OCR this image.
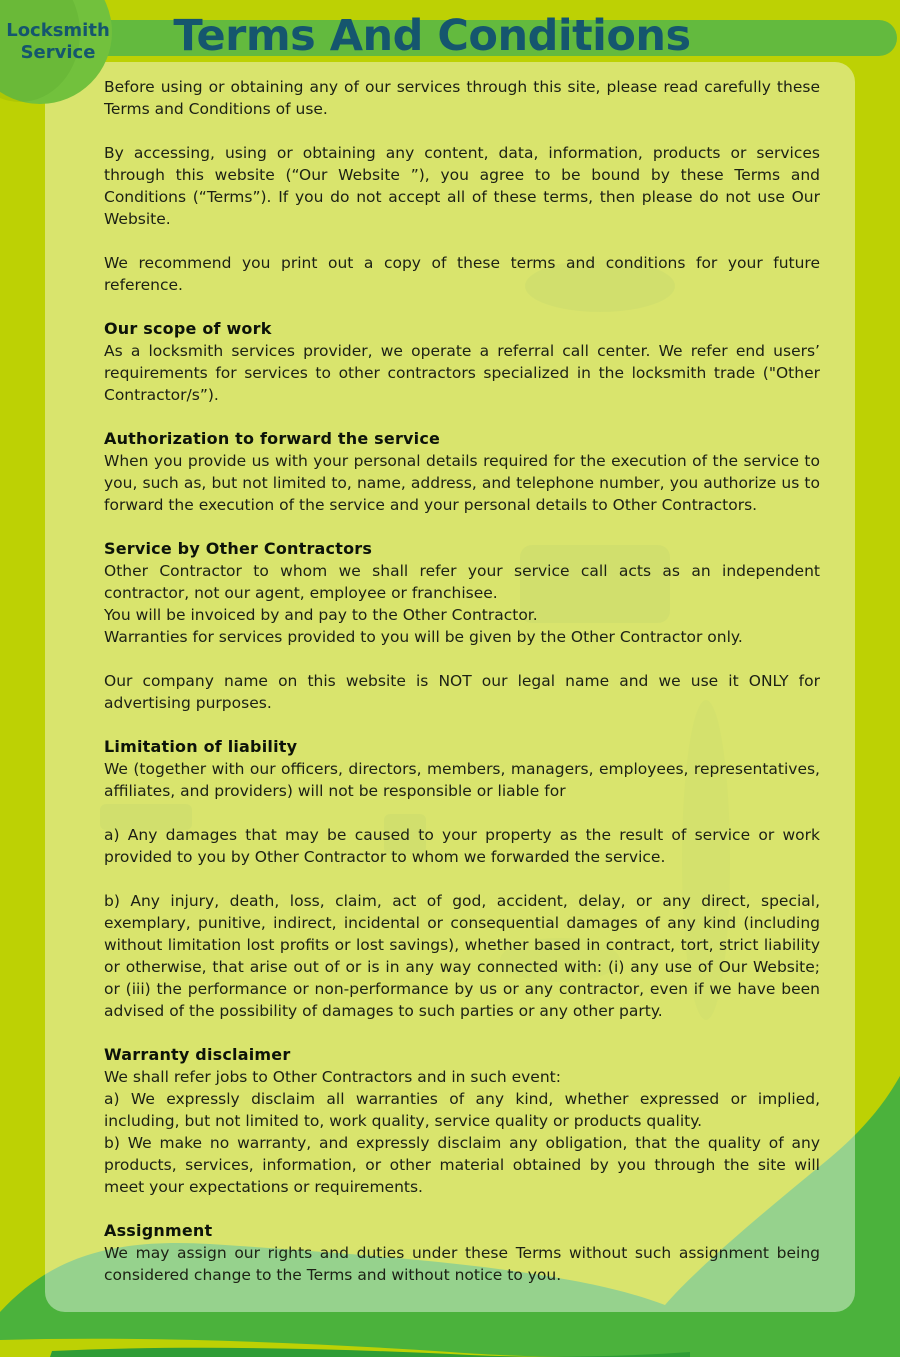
Before using or obtaining any of our services through this site, please read carefully these Terms and Conditions of use.

By accessing, using or obtaining any content, data, information, products or services through this website (“Our Website ”), you agree to be bound by these Terms and Conditions (“Terms”). If you do not accept all of these terms, then please do not use Our Website.

We recommend you print out a copy of these terms and conditions for your future reference.

Our scope of work

As a locksmith services provider, we operate a referral call center. We refer end users’ requirements for services to other contractors specialized in the locksmith trade ("Other Contractor/s”).

Authorization to forward the service

When you provide us with your personal details required for the execution of the service to you, such as, but not limited to, name, address, and telephone number, you authorize us to forward the execution of the service and your personal details to Other Contractors.

Service by Other Contractors

Other Contractor to whom we shall refer your service call acts as an independent contractor, not our agent, employee or franchisee.

You will be invoiced by and pay to the Other Contractor.

Warranties for services provided to you will be given by the Other Contractor only.

Our company name on this website is NOT our legal name and we use it ONLY for advertising purposes.

Limitation of liability

We (together with our officers, directors, members, managers, employees, representatives, affiliates, and providers) will not be responsible or liable for

a) Any damages that may be caused to your property as the result of service or work provided to you by Other Contractor to whom we forwarded the service.

b) Any injury, death, loss, claim, act of god, accident, delay, or any direct, special, exemplary, punitive, indirect, incidental or consequential damages of any kind (including without limitation lost profits or lost savings), whether based in contract, tort, strict liability or otherwise, that arise out of or is in any way connected with: (i) any use of Our Website; or (iii) the performance or non-performance by us or any contractor, even if we have been advised of the possibility of damages to such parties or any other party.

Warranty disclaimer

We shall refer jobs to Other Contractors and in such event:

a) We expressly disclaim all warranties of any kind, whether expressed or implied, including, but not limited to, work quality, service quality or products quality.

b) We make no warranty, and expressly disclaim any obligation, that the quality of any products, services, information, or other material obtained by you through the site will meet your expectations or requirements.

Assignment

We may assign our rights and duties under these Terms without such assignment being considered change to the Terms and without notice to you.

Terms And Conditions
Locksmith
Service
